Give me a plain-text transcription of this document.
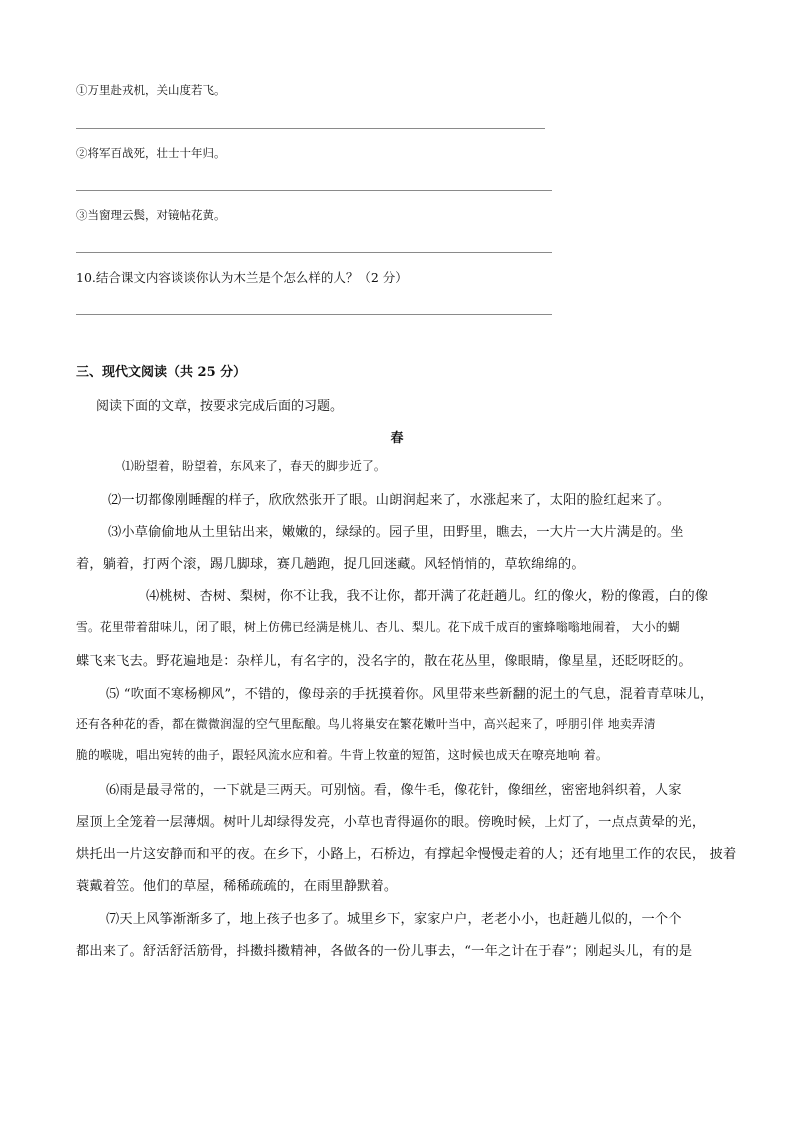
①万里赴戎机，关山度若飞。
②将军百战死，壮士十年归。
③当窗理云鬓，对镜帖花黄。
10.结合课文内容谈谈你认为木兰是个怎么样的人？（2 分）
三、现代文阅读（共 25 分）
阅读下面的文章，按要求完成后面的习题。
春
⑴盼望着，盼望着，东风来了，春天的脚步近了。
⑵一切都像刚睡醒的样子，欣欣然张开了眼。山朗润起来了，水涨起来了，太阳的脸红起来了。
⑶小草偷偷地从土里钻出来，嫩嫩的，绿绿的。园子里，田野里，瞧去，一大片一大片满是的。坐
着，躺着，打两个滚，踢几脚球，赛几趟跑，捉几回迷藏。风轻悄悄的，草软绵绵的。
⑷桃树、杏树、梨树，你不让我，我不让你，都开满了花赶趟儿。红的像火，粉的像霞，白的像
雪。花里带着甜味儿，闭了眼，树上仿佛已经满是桃儿、杏儿、梨儿。花下成千成百的蜜蜂嗡嗡地闹着， 大小的蝴
蝶飞来飞去。野花遍地是：杂样儿，有名字的，没名字的，散在花丛里，像眼睛，像星星，还眨呀眨的。
⑸ “吹面不寒杨柳风”，不错的，像母亲的手抚摸着你。风里带来些新翻的泥土的气息，混着青草味儿，
还有各种花的香，都在微微润湿的空气里酝酿。鸟儿将巢安在繁花嫩叶当中，高兴起来了，呼朋引伴 地卖弄清
脆的喉咙，唱出宛转的曲子，跟轻风流水应和着。牛背上牧童的短笛，这时候也成天在嘹亮地响 着。
⑹雨是最寻常的，一下就是三两天。可别恼。看，像牛毛，像花针，像细丝，密密地斜织着，人家
屋顶上全笼着一层薄烟。树叶儿却绿得发亮，小草也青得逼你的眼。傍晚时候，上灯了，一点点黄晕的光，
烘托出一片这安静而和平的夜。在乡下，小路上，石桥边，有撑起伞慢慢走着的人；还有地里工作的农民， 披着
蓑戴着笠。他们的草屋，稀稀疏疏的，在雨里静默着。
⑺天上风筝渐渐多了，地上孩子也多了。城里乡下，家家户户，老老小小，也赶趟儿似的，一个个
都出来了。舒活舒活筋骨，抖擞抖擞精神，各做各的一份儿事去，“一年之计在于春”；刚起头儿，有的是
